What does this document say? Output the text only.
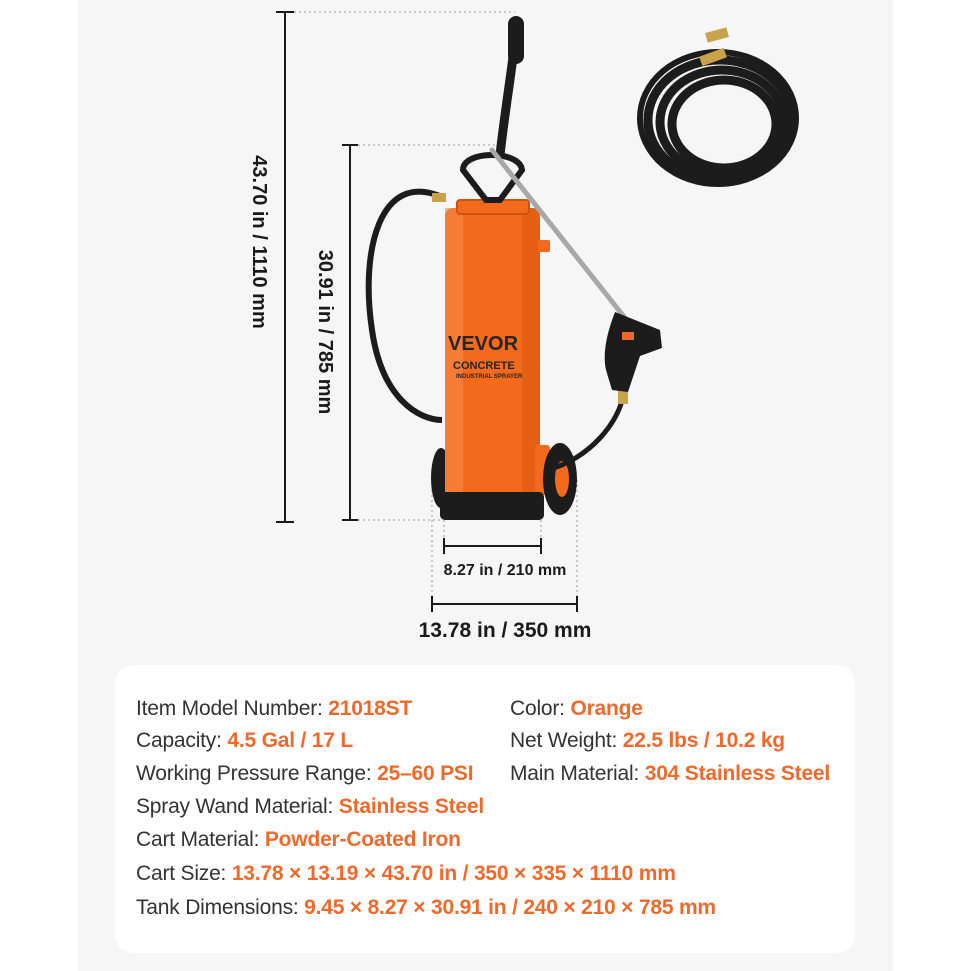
VEVOR
CONCRETE
INDUSTRIAL SPRAYER
43.70 in / 1110 mm
30.91 in / 785 mm
8.27 in / 210 mm
13.78 in / 350 mm
Item Model Number: 21018ST	Color: Orange
Capacity: 4.5 Gal / 17 L	Net Weight: 22.5 lbs / 10.2 kg
Working Pressure Range: 25–60 PSI Main Material: 304 Stainless Steel
Spray Wand Material: Stainless Steel
Cart Material: Powder-Coated Iron
Cart Size: 13.78 × 13.19 × 43.70 in / 350 × 335 × 1110 mm
Tank Dimensions: 9.45 × 8.27 × 30.91 in / 240 × 210 × 785 mm
